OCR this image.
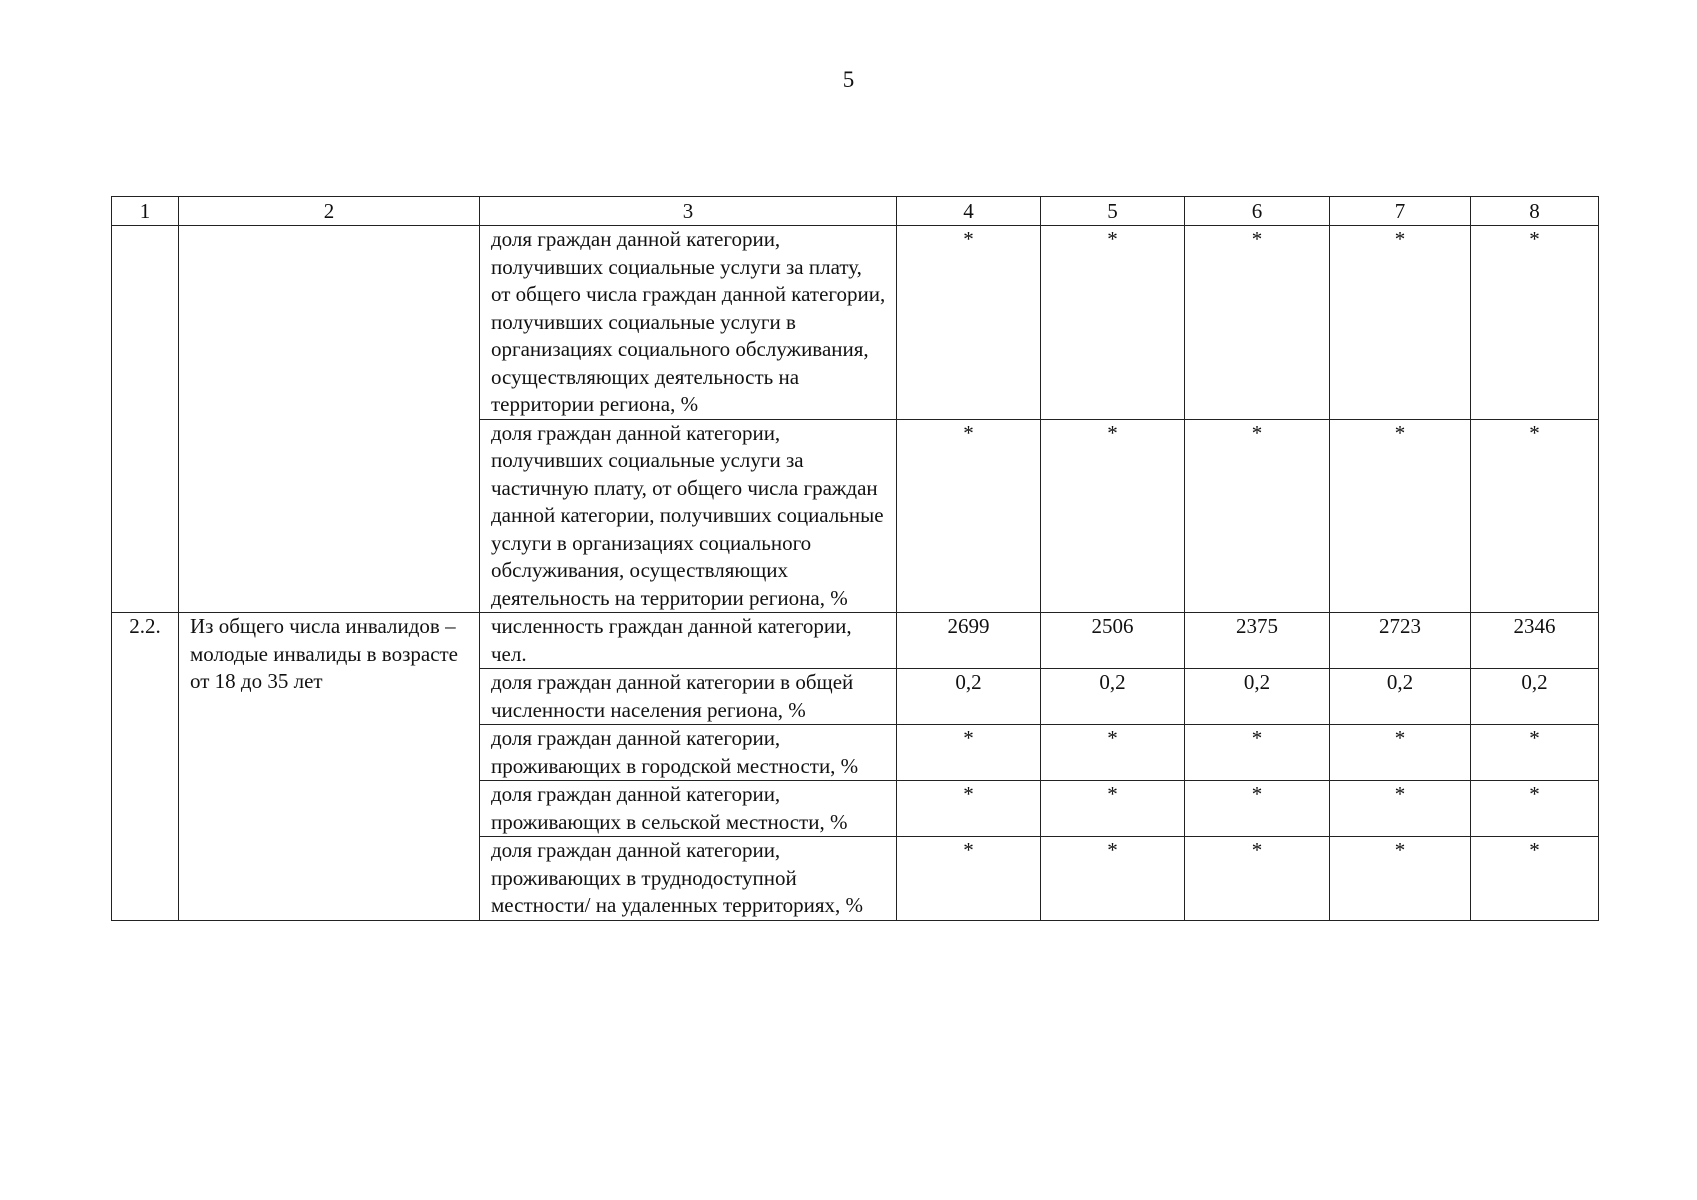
5
1	2	3	4	5	6	7	8
		доля граждан данной категории, получивших социальные услуги за плату, от общего числа граждан данной категории, получивших социальные услуги в организациях социального обслуживания, осуществляющих деятельность на территории региона, %	*	*	*	*	*
		доля граждан данной категории, получивших социальные услуги за частичную плату, от общего числа граждан данной категории, получивших социальные услуги в организациях социального обслуживания, осуществляющих деятельность на территории региона, %	*	*	*	*	*
2.2.	Из общего числа инвалидов – молодые инвалиды в возрасте от 18 до 35 лет	численность граждан данной категории, чел.	2699	2506	2375	2723	2346
		доля граждан данной категории в общей численности населения региона, %	0,2	0,2	0,2	0,2	0,2
		доля граждан данной категории, проживающих в городской местности, %	*	*	*	*	*
		доля граждан данной категории, проживающих в сельской местности, %	*	*	*	*	*
		доля граждан данной категории, проживающих в труднодоступной местности/ на удаленных территориях, %	*	*	*	*	*
